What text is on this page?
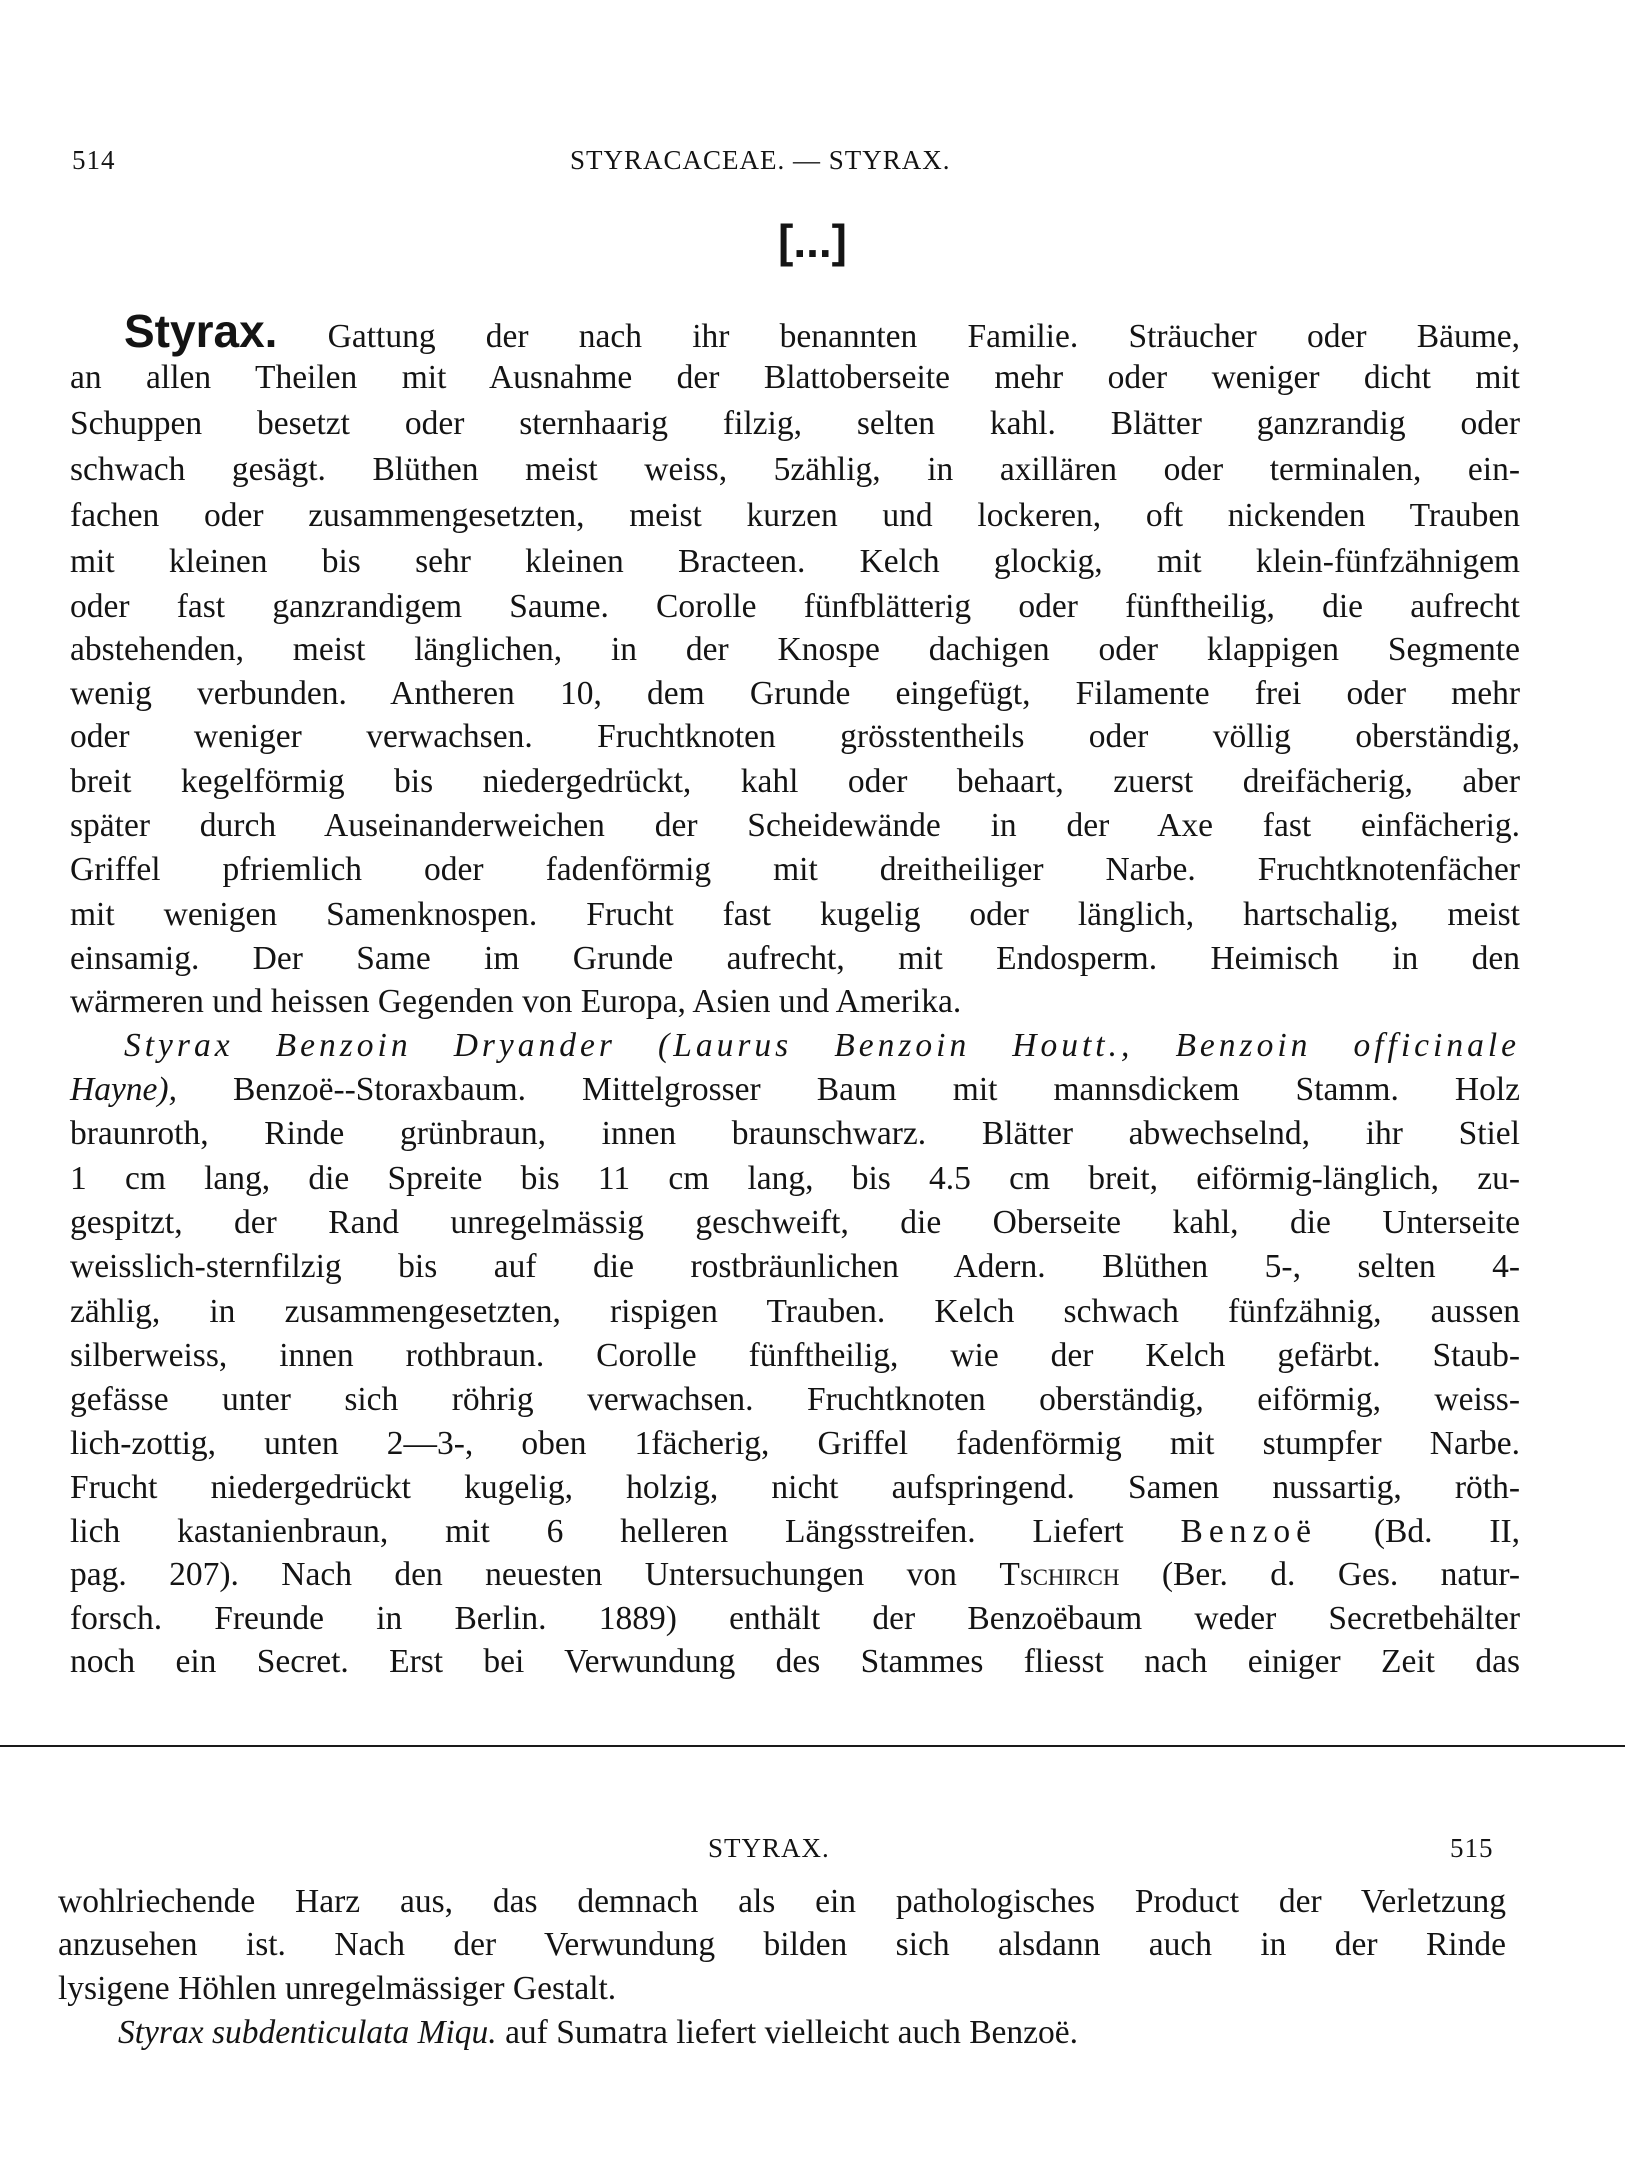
514	STYRACACEAE. — STYRAX.
[...]
Styrax. Gattung der nach ihr benannten Familie. Sträucher oder Bäume,
an allen Theilen mit Ausnahme der Blattoberseite mehr oder weniger dicht mit
Schuppen besetzt oder sternhaarig filzig, selten kahl. Blätter ganzrandig oder
schwach gesägt. Blüthen meist weiss, 5zählig, in axillären oder terminalen, ein-
fachen oder zusammengesetzten, meist kurzen und lockeren, oft nickenden Trauben
mit kleinen bis sehr kleinen Bracteen. Kelch glockig, mit klein-fünfzähnigem
oder fast ganzrandigem Saume. Corolle fünfblätterig oder fünftheilig, die aufrecht
abstehenden, meist länglichen, in der Knospe dachigen oder klappigen Segmente
wenig verbunden. Antheren 10, dem Grunde eingefügt, Filamente frei oder mehr
oder weniger verwachsen. Fruchtknoten grösstentheils oder völlig oberständig,
breit kegelförmig bis niedergedrückt, kahl oder behaart, zuerst dreifächerig, aber
später durch Auseinanderweichen der Scheidewände in der Axe fast einfächerig.
Griffel pfriemlich oder fadenförmig mit dreitheiliger Narbe. Fruchtknotenfächer
mit wenigen Samenknospen. Frucht fast kugelig oder länglich, hartschalig, meist
einsamig. Der Same im Grunde aufrecht, mit Endosperm. Heimisch in den
wärmeren und heissen Gegenden von Europa, Asien und Amerika.
Styrax Benzoin Dryander (Laurus Benzoin Houtt., Benzoin officinale
Hayne), Benzoë--Storaxbaum. Mittelgrosser Baum mit mannsdickem Stamm. Holz
braunroth, Rinde grünbraun, innen braunschwarz. Blätter abwechselnd, ihr Stiel
1 cm lang, die Spreite bis 11 cm lang, bis 4.5 cm breit, eiförmig-länglich, zu-
gespitzt, der Rand unregelmässig geschweift, die Oberseite kahl, die Unterseite
weisslich-sternfilzig bis auf die rostbräunlichen Adern. Blüthen 5-, selten 4-
zählig, in zusammengesetzten, rispigen Trauben. Kelch schwach fünfzähnig, aussen
silberweiss, innen rothbraun. Corolle fünftheilig, wie der Kelch gefärbt. Staub-
gefässe unter sich röhrig verwachsen. Fruchtknoten oberständig, eiförmig, weiss-
lich-zottig, unten 2—3-, oben 1fächerig, Griffel fadenförmig mit stumpfer Narbe.
Frucht niedergedrückt kugelig, holzig, nicht aufspringend. Samen nussartig, röth-
lich kastanienbraun, mit 6 helleren Längsstreifen. Liefert Benzoë (Bd. II,
pag. 207). Nach den neuesten Untersuchungen von Tschirch (Ber. d. Ges. natur-
forsch. Freunde in Berlin. 1889) enthält der Benzoëbaum weder Secretbehälter
noch ein Secret. Erst bei Verwundung des Stammes fliesst nach einiger Zeit das
STYRAX.	515
wohlriechende Harz aus, das demnach als ein pathologisches Product der Verletzung
anzusehen ist. Nach der Verwundung bilden sich alsdann auch in der Rinde
lysigene Höhlen unregelmässiger Gestalt.
Styrax subdenticulata Miqu. auf Sumatra liefert vielleicht auch Benzoë.
